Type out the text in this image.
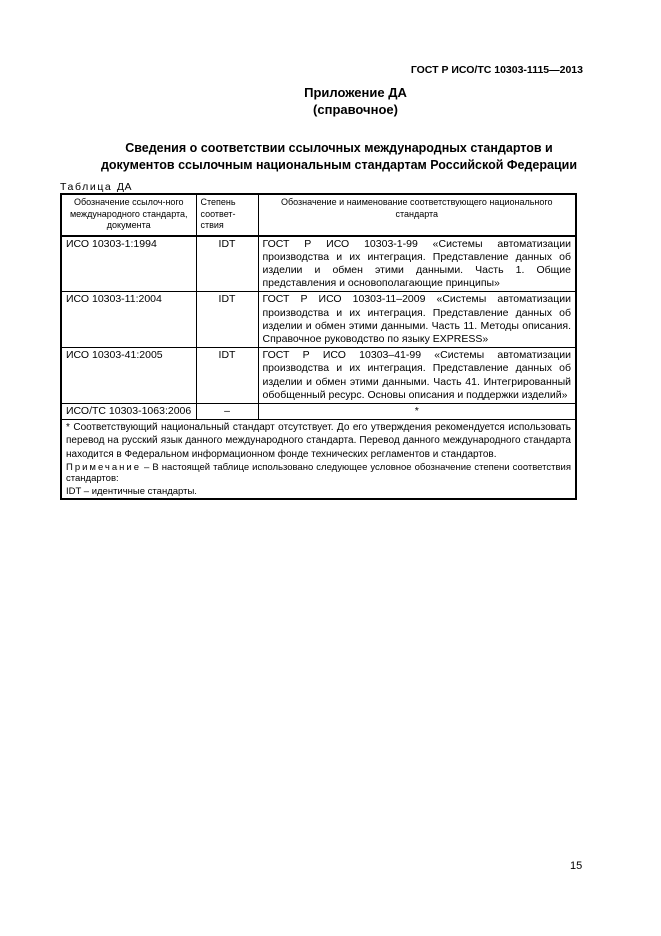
ГОСТ Р ИСО/ТС 10303-1115—2013
Приложение ДА
(справочное)
Сведения о соответствии ссылочных международных стандартов и
документов ссылочным национальным стандартам Российской Федерации
Таблица ДА
Обозначение ссылоч-ного международного стандарта, документа	Степень соответ-ствия	Обозначение и наименование соответствующего национального стандарта
ИСО 10303-1:1994	IDT	ГОСТ Р ИСО 10303-1-99 «Системы автоматизации производства и их интеграция. Представление данных об изделии и обмен этими данными. Часть 1. Общие представления и основополагающие принципы»
ИСО 10303-11:2004	IDT	ГОСТ Р ИСО 10303-11–2009 «Системы автоматизации производства и их интеграция. Представление данных об изделии и обмен этими данными. Часть 11. Методы описания. Справочное руководство по языку EXPRESS»
ИСО 10303-41:2005	IDT	ГОСТ Р ИСО 10303–41-99 «Системы автоматизации производства и их интеграция. Представление данных об изделии и обмен этими данными. Часть 41. Интегрированный обобщенный ресурс. Основы описания и поддержки изделий»
ИСО/ТС 10303-1063:2006	–	*

* Соответствующий национальный стандарт отсутствует. До его утверждения рекомендуется использовать перевод на русский язык данного международного стандарта. Перевод данного международного стандарта находится в Федеральном информационном фонде технических регламентов и стандартов.
Примечание – В настоящей таблице использовано следующее условное обозначение степени соответствия стандартов:
IDT – идентичные стандарты.		
15
